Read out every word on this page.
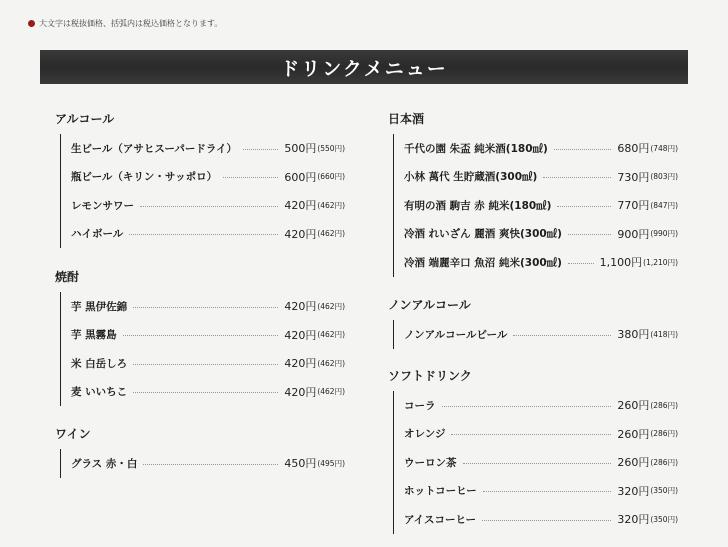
大文字は税抜価格、括弧内は税込価格となります。
ドリンクメニュー
アルコール
生ビール（アサヒスーパードライ）	500円 (550円)
瓶ビール（キリン・サッポロ）	600円 (660円)
レモンサワー	420円 (462円)
ハイボール	420円 (462円)
焼酎
芋 黒伊佐錦	420円 (462円)
芋 黒霧島	420円 (462円)
米 白岳しろ	420円 (462円)
麦 いいちこ	420円 (462円)
ワイン
グラス 赤・白	450円 (495円)
日本酒
千代の園 朱盃 純米酒(180㎖)	680円 (748円)
小林 萬代 生貯蔵酒(300㎖)	730円 (803円)
有明の酒 駒吉 赤 純米(180㎖)	770円 (847円)
冷酒 れいざん 麗酒 爽快(300㎖)	900円 (990円)
冷酒 端麗辛口 魚沼 純米(300㎖)	1,100円 (1,210円)
ノンアルコール
ノンアルコールビール	380円 (418円)
ソフトドリンク
コーラ	260円 (286円)
オレンジ	260円 (286円)
ウーロン茶	260円 (286円)
ホットコーヒー	320円 (350円)
アイスコーヒー	320円 (350円)
